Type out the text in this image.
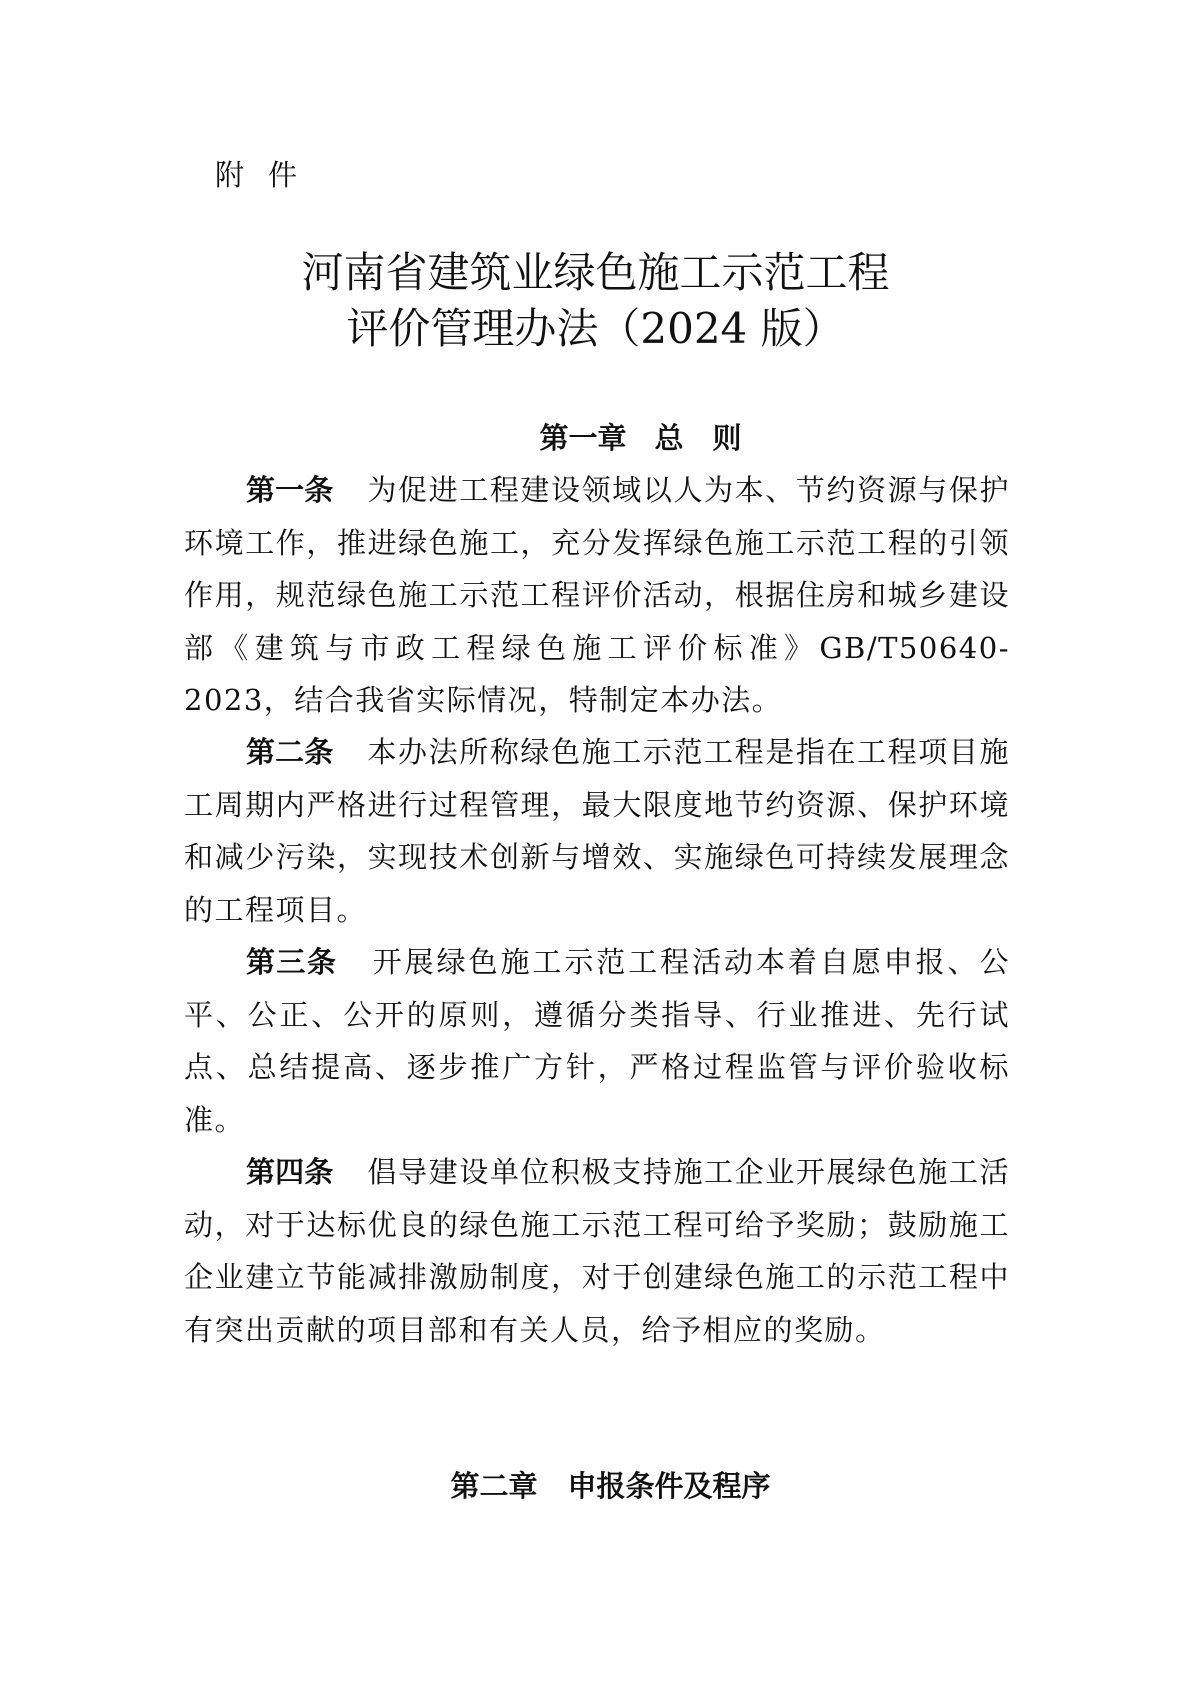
附件
河南省建筑业绿色施工示范工程
评价管理办法（2024 版）
第一章 总　则

第一条 为促进工程建设领域以人为本、节约资源与保护环境工作，推进绿色施工，充分发挥绿色施工示范工程的引领作用，规范绿色施工示范工程评价活动，根据住房和城乡建设部《建筑与市政工程绿色施工评价标准》GB/T50640-2023，结合我省实际情况，特制定本办法。

第二条 本办法所称绿色施工示范工程是指在工程项目施工周期内严格进行过程管理，最大限度地节约资源、保护环境和减少污染，实现技术创新与增效、实施绿色可持续发展理念的工程项目。

第三条 开展绿色施工示范工程活动本着自愿申报、公平、公正、公开的原则，遵循分类指导、行业推进、先行试点、总结提高、逐步推广方针，严格过程监管与评价验收标准。

第四条 倡导建设单位积极支持施工企业开展绿色施工活动，对于达标优良的绿色施工示范工程可给予奖励；鼓励施工企业建立节能减排激励制度，对于创建绿色施工的示范工程中有突出贡献的项目部和有关人员，给予相应的奖励。

第二章 申报条件及程序
